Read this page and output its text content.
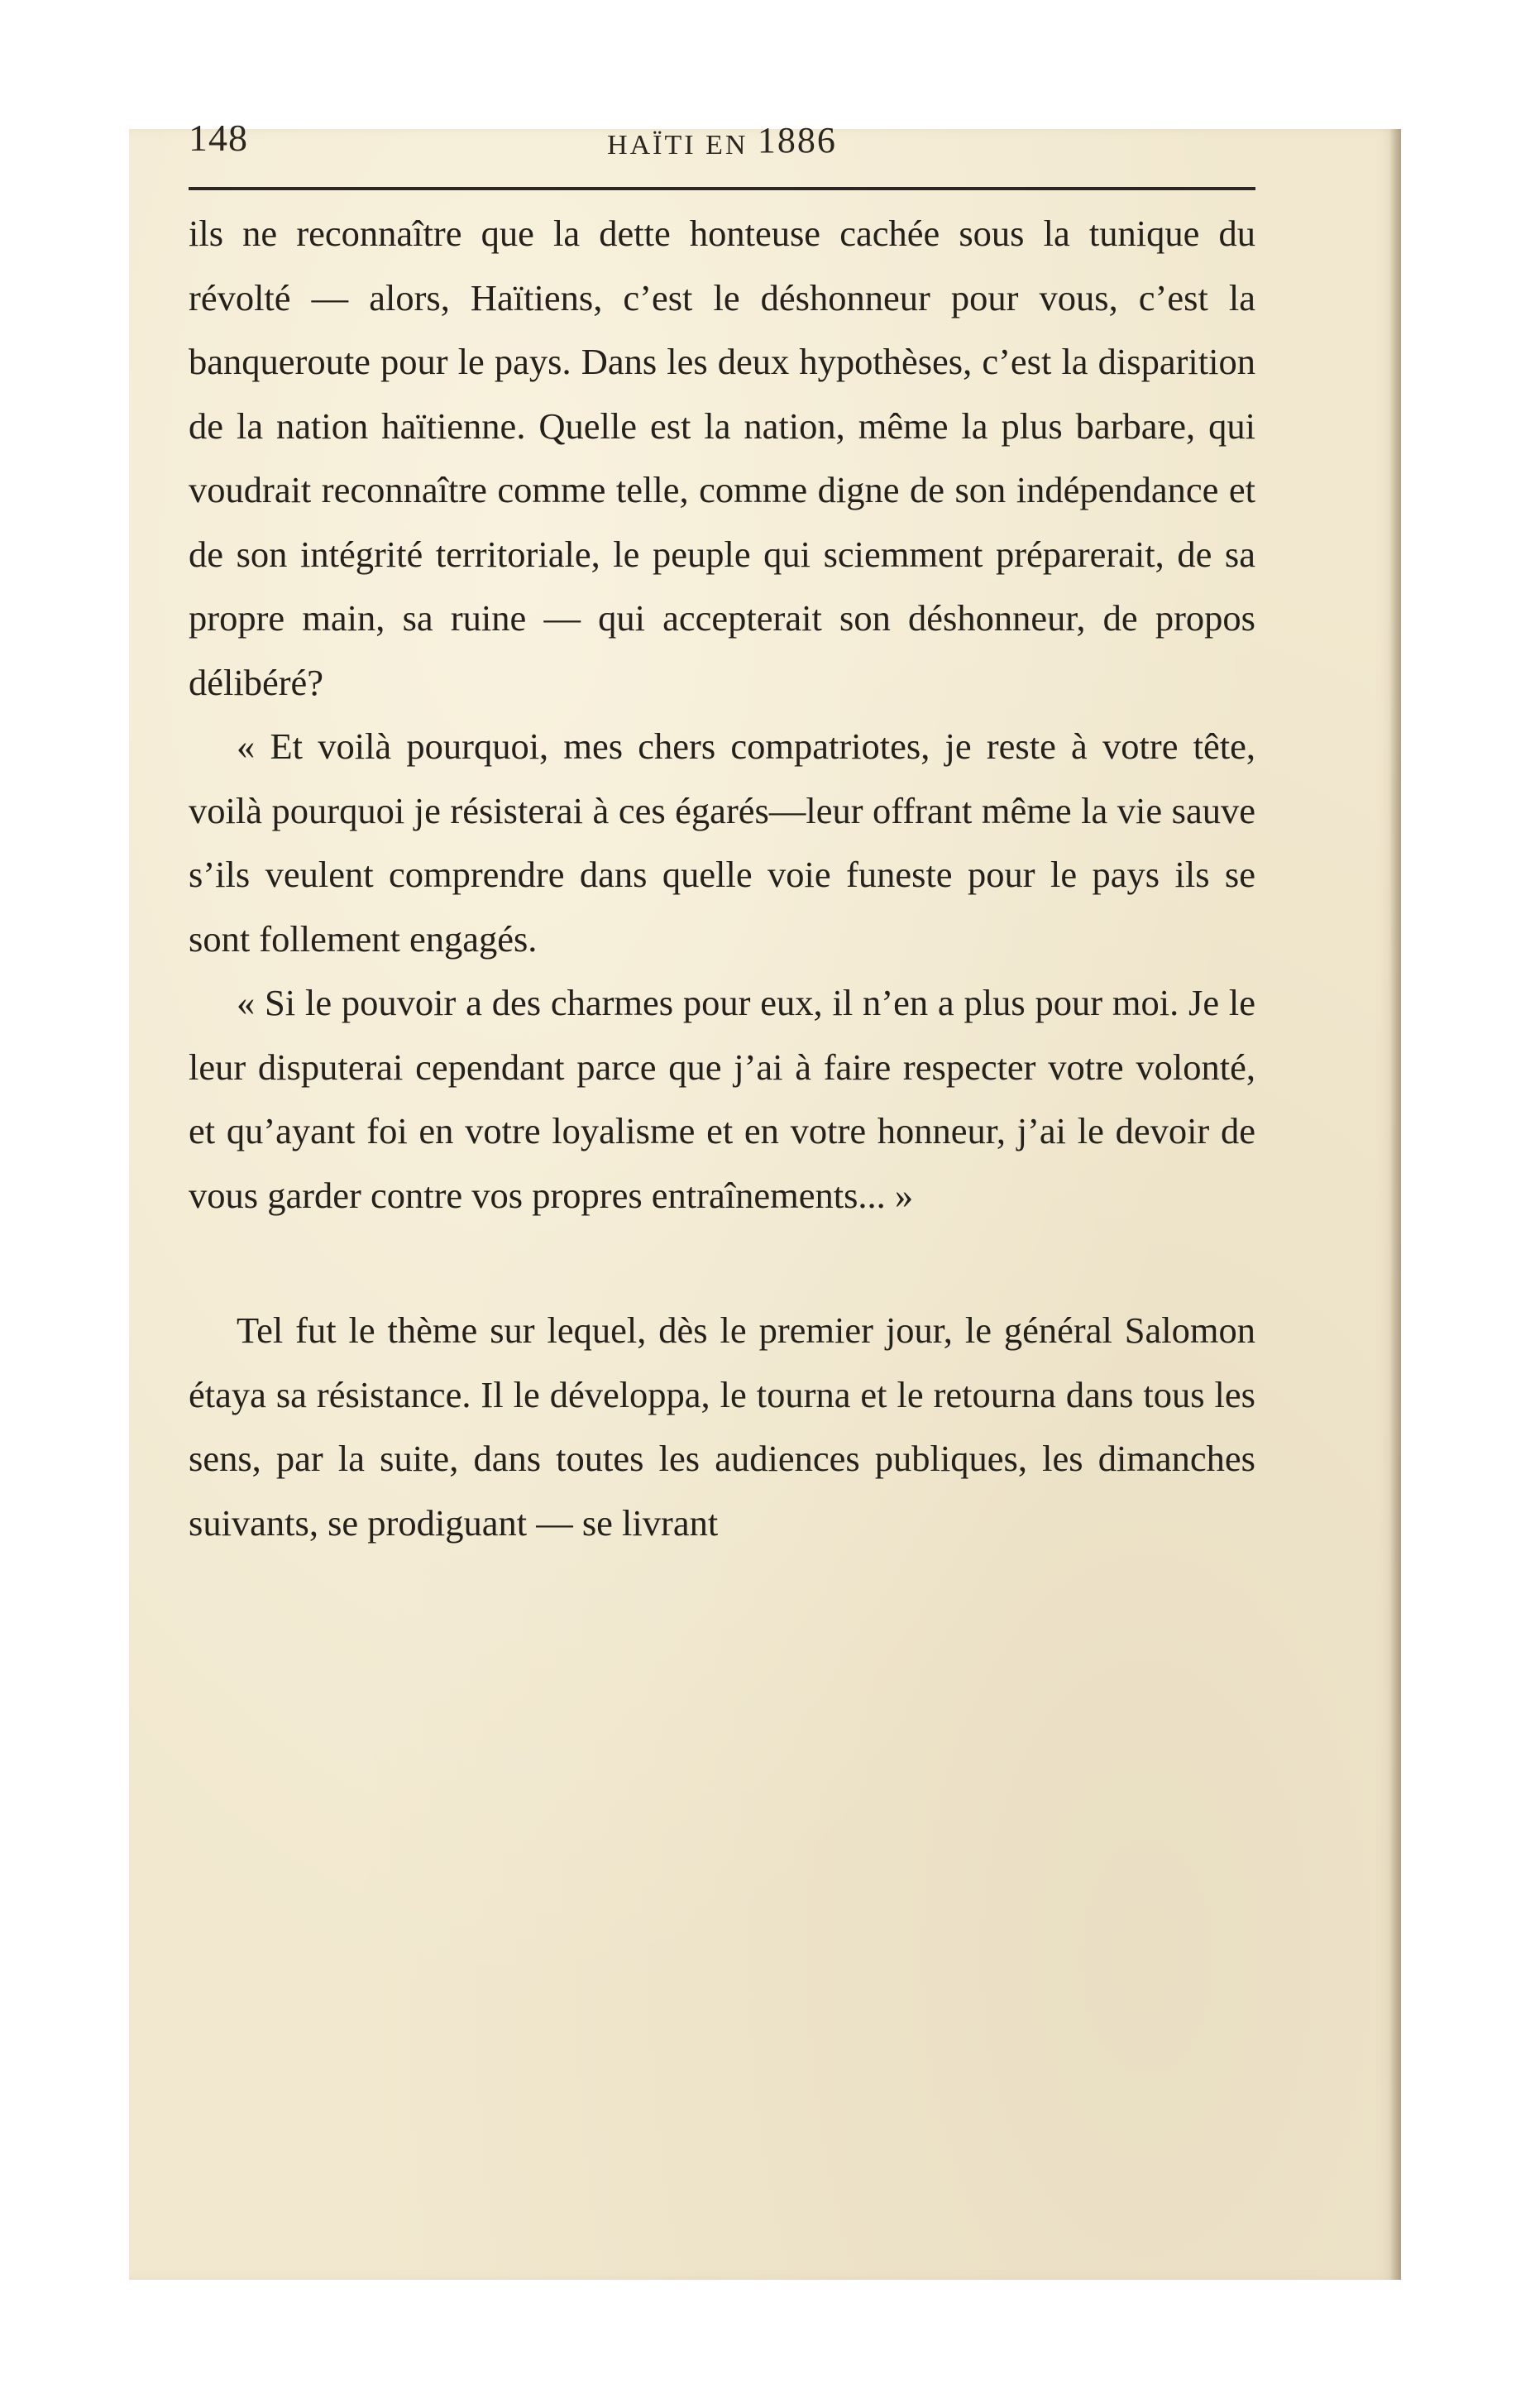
148	HAÏTI EN 1886

ils ne reconnaître que la dette honteuse cachée sous la tunique du révolté — alors, Haïtiens, c’est le déshonneur pour vous, c’est la banqueroute pour le pays. Dans les deux hypothèses, c’est la disparition de la nation haïtienne. Quelle est la nation, même la plus barbare, qui voudrait reconnaître comme telle, comme digne de son indépendance et de son intégrité territoriale, le peuple qui sciemment préparerait, de sa propre main, sa ruine — qui accepterait son déshonneur, de propos délibéré?

« Et voilà pourquoi, mes chers compatriotes, je reste à votre tête, voilà pourquoi je résisterai à ces égarés—leur offrant même la vie sauve s’ils veulent comprendre dans quelle voie funeste pour le pays ils se sont follement engagés.

« Si le pouvoir a des charmes pour eux, il n’en a plus pour moi. Je le leur disputerai cependant parce que j’ai à faire respecter votre volonté, et qu’ayant foi en votre loyalisme et en votre honneur, j’ai le devoir de vous garder contre vos propres entraînements... »

Tel fut le thème sur lequel, dès le premier jour, le général Salomon étaya sa résistance. Il le développa, le tourna et le retourna dans tous les sens, par la suite, dans toutes les audiences publiques, les dimanches suivants, se prodiguant — se livrant
